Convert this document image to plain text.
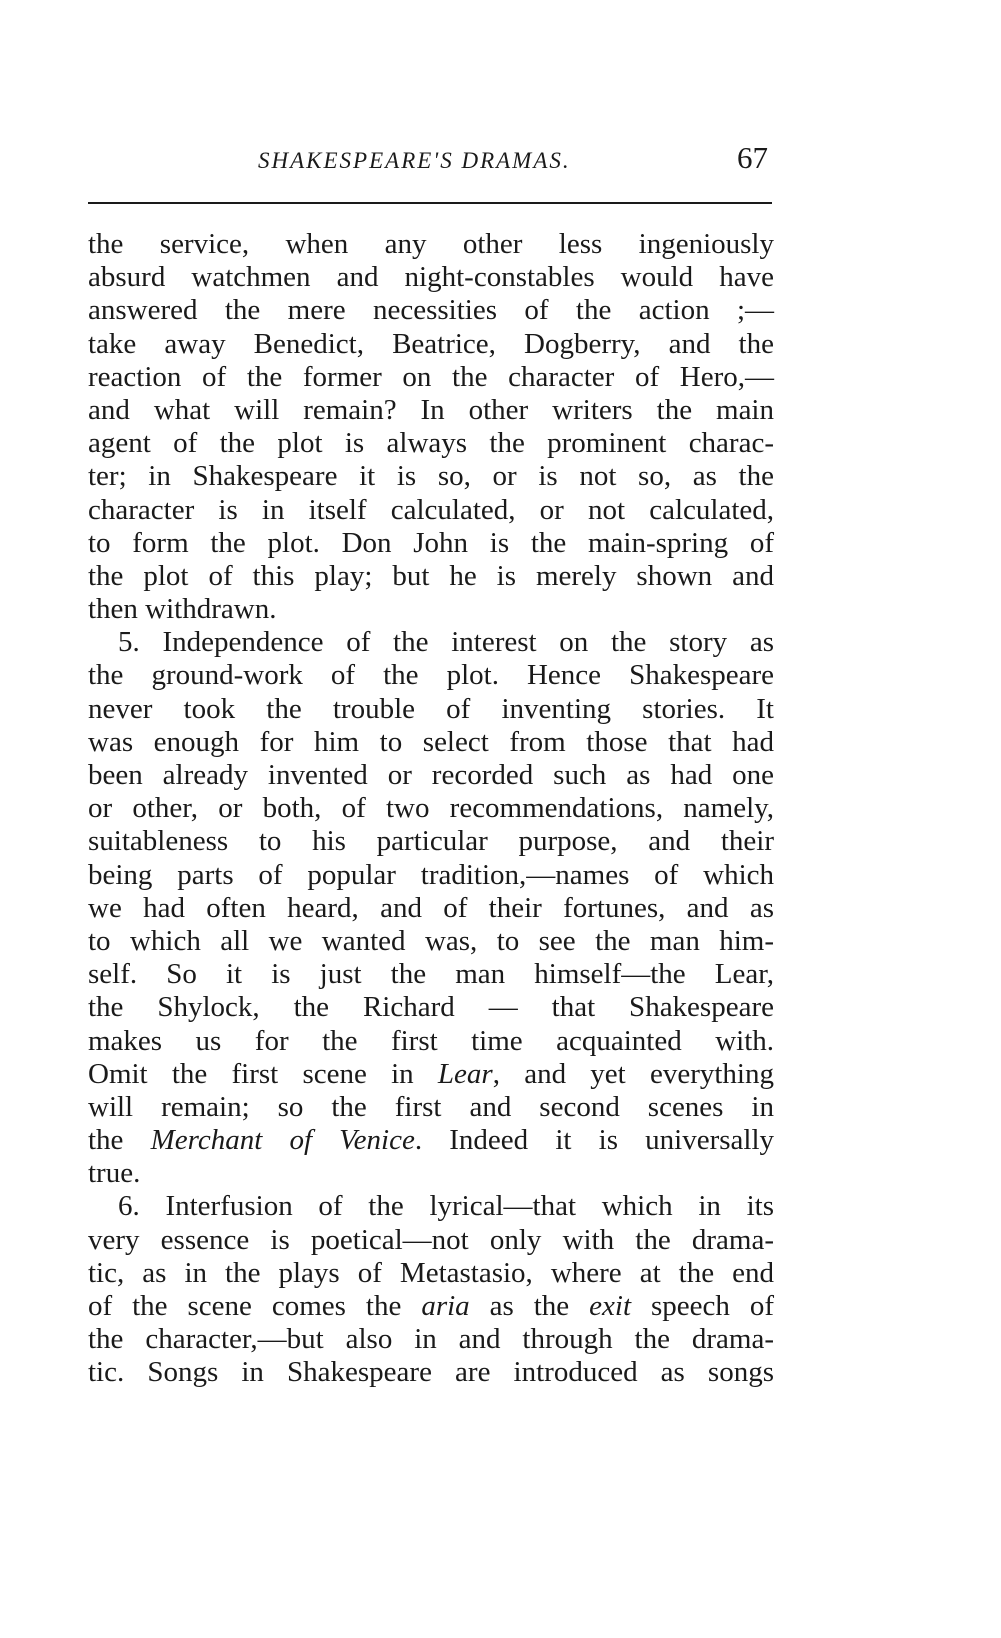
SHAKESPEARE'S DRAMAS.	67
the service, when any other less ingeniously
absurd watchmen and night-constables would have
answered the mere necessities of the action ;—
take away Benedict, Beatrice, Dogberry, and the
reaction of the former on the character of Hero,—
and what will remain? In other writers the main
agent of the plot is always the prominent charac-
ter; in Shakespeare it is so, or is not so, as the
character is in itself calculated, or not calculated,
to form the plot. Don John is the main-spring of
the plot of this play; but he is merely shown and
then withdrawn.
5. Independence of the interest on the story as
the ground-work of the plot. Hence Shakespeare
never took the trouble of inventing stories. It
was enough for him to select from those that had
been already invented or recorded such as had one
or other, or both, of two recommendations, namely,
suitableness to his particular purpose, and their
being parts of popular tradition,—names of which
we had often heard, and of their fortunes, and as
to which all we wanted was, to see the man him-
self. So it is just the man himself—the Lear,
the Shylock, the Richard — that Shakespeare
makes us for the first time acquainted with.
Omit the first scene in Lear, and yet everything
will remain; so the first and second scenes in
the Merchant of Venice. Indeed it is universally
true.
6. Interfusion of the lyrical—that which in its
very essence is poetical—not only with the drama-
tic, as in the plays of Metastasio, where at the end
of the scene comes the aria as the exit speech of
the character,—but also in and through the drama-
tic. Songs in Shakespeare are introduced as songs
